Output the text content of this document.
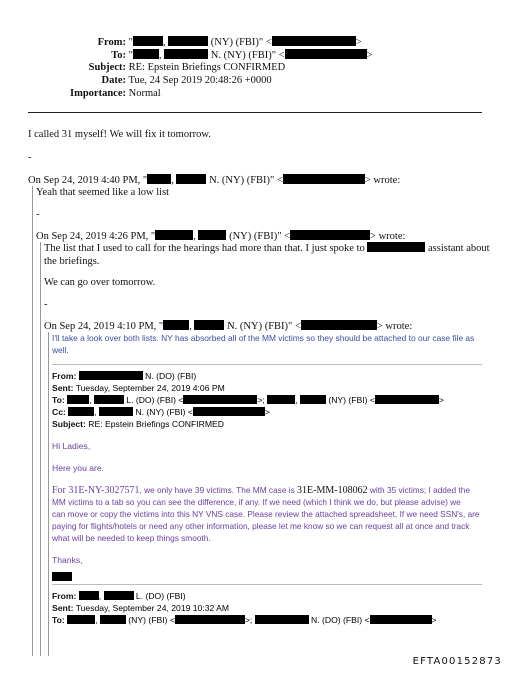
From: "	,	(NY) (FBI)" <	>
To: " ,	N. (NY) (FBI)" <	>
Subject: RE: Epstein Briefings CONFIRMED
Date: Tue, 24 Sep 2019 20:48:26 +0000
Importance: Normal
I called 31 myself! We will fix it tomorrow.
-
On Sep 24, 2019 4:40 PM, " ,	N. (NY) (FBI)" <	> wrote:
Yeah that seemed like a low list
-
On Sep 24, 2019 4:26 PM, "	,	(NY) (FBI)" <	> wrote:
The list that I used to call for the hearings had more than that. I just spoke to	assistant about
the briefings.
We can go over tomorrow.
-
On Sep 24, 2019 4:10 PM, " ,	N. (NY) (FBI)" <	> wrote:
I'll take a look over both lists. NY has absorbed all of the MM victims so they should be attached to our case file as
well.
From:	N. (DO) (FBI)
Sent: Tuesday, September 24, 2019 4:06 PM
To:	,	L. (DO) (FBI) <	>;	,	(NY) (FBI) <	>
Cc:	,	N. (NY) (FBI) <	>
Subject: RE: Epstein Briefings CONFIRMED
Hi Ladies,
Here you are.
For 31E-NY-3027571, we only have 39 victims. The MM case is 31E-MM-108062 with 35 victims; I added the
MM victims to a tab so you can see the difference, if any. If we need (which I think we do, but please advise) we
can move or copy the victims into this NY VNS case. Please review the attached spreadsheet. If we need SSN's, are
paying for flights/hotels or need any other information, please let me know so we can request all at once and track
what will be needed to keep things smooth.
Thanks,
From:	,	L. (DO) (FBI)
Sent: Tuesday, September 24, 2019 10:32 AM
To:	,	(NY) (FBI) <	>;	N. (DO) (FBI) <	>
EFTA00152873
